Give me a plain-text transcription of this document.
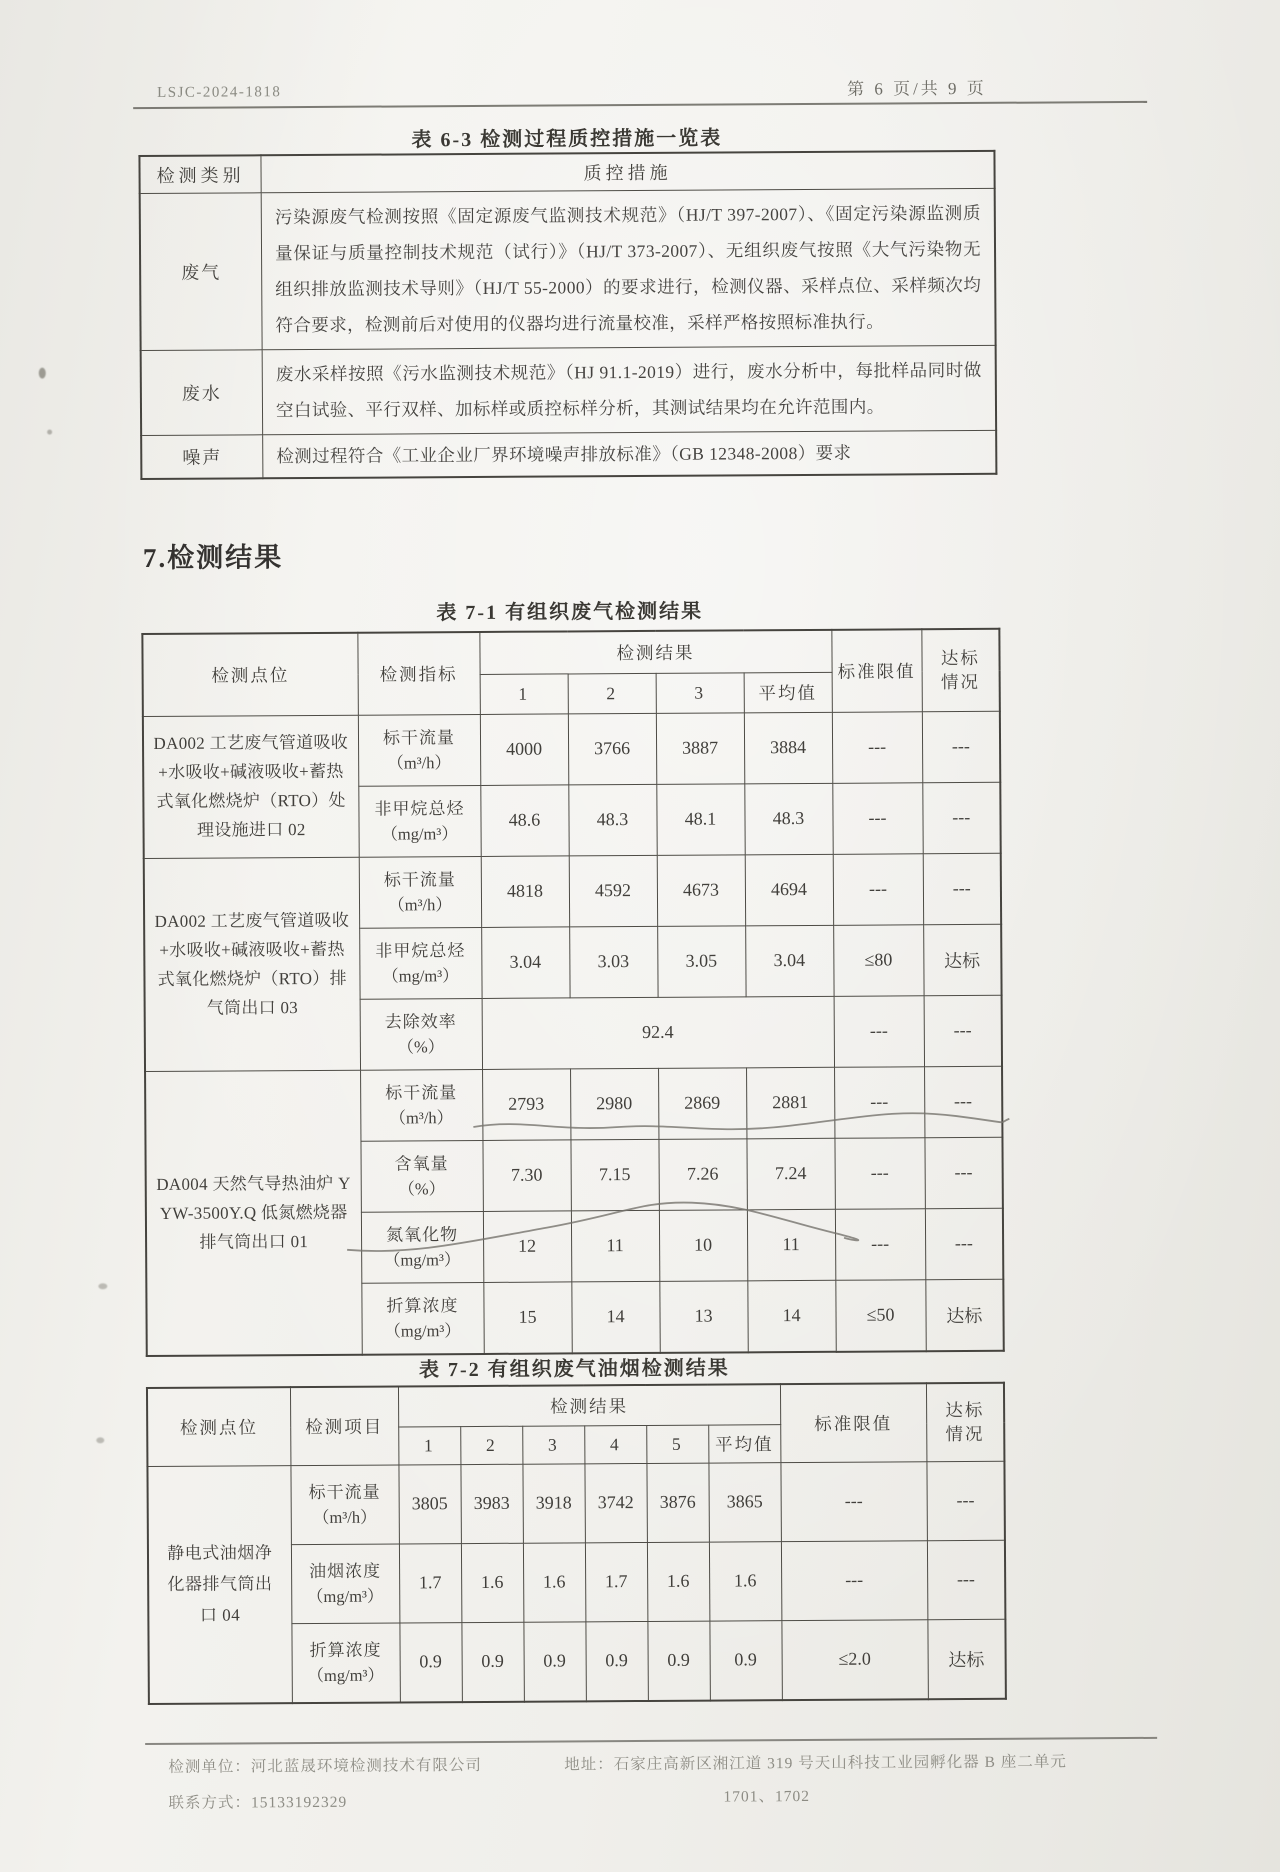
LSJC-2024-1818	第 6 页/共 9 页
表 6-3 检测过程质控措施一览表
检测类别	质控措施
废气	污染源废气检测按照《固定源废气监测技术规范》（HJ/T 397-2007）、《固定污染源监测质量保证与质量控制技术规范（试行）》（HJ/T 373-2007）、无组织废气按照《大气污染物无组织排放监测技术导则》（HJ/T 55-2000）的要求进行，检测仪器、采样点位、采样频次均符合要求，检测前后对使用的仪器均进行流量校准，采样严格按照标准执行。
废水	废水采样按照《污水监测技术规范》（HJ 91.1-2019）进行，废水分析中，每批样品同时做空白试验、平行双样、加标样或质控标样分析，其测试结果均在允许范围内。
噪声	检测过程符合《工业企业厂界环境噪声排放标准》（GB 12348-2008）要求
7.检测结果
表 7-1 有组织废气检测结果
检测点位	检测指标	检测结果				标准限值	达标情况

		1	2	3	平均值		
DA002 工艺废气管道吸收+水吸收+碱液吸收+蓄热式氧化燃烧炉（RTO）处理设施进口 02	标干流量
（m³/h）	4000	3766	3887	3884	---	---

	非甲烷总烃
（mg/m³）	48.6	48.3	48.1	48.3	---	---
DA002 工艺废气管道吸收+水吸收+碱液吸收+蓄热式氧化燃烧炉（RTO）排气筒出口 03	标干流量
（m³/h）	4818	4592	4673	4694	---	---

	非甲烷总烃
（mg/m³）	3.04	3.03	3.05	3.04	≤80	达标

	去除效率
（%）	92.4				---	---
DA004 天然气导热油炉 YYW-3500Y.Q 低氮燃烧器排气筒出口 01	标干流量
（m³/h）	2793	2980	2869	2881	---	---

	含氧量
（%）	7.30	7.15	7.26	7.24	---	---

	氮氧化物
（mg/m³）	12	11	10	11	---	---

	折算浓度
（mg/m³）	15	14	13	14	≤50	达标
表 7-2 有组织废气油烟检测结果
检测点位	检测项目	检测结果						标准限值	达标情况

		1	2	3	4	5	平均值		
静电式油烟净化器排气筒出口 04	标干流量
（m³/h）	3805	3983	3918	3742	3876	3865	---	---

	油烟浓度
（mg/m³）	1.7	1.6	1.6	1.7	1.6	1.6	---	---

	折算浓度
（mg/m³）	0.9	0.9	0.9	0.9	0.9	0.9	≤2.0	达标
检测单位：河北蓝晟环境检测技术有限公司	地址：石家庄高新区湘江道 319 号天山科技工业园孵化器 B 座二单元
联系方式：15133192329	1701、1702
